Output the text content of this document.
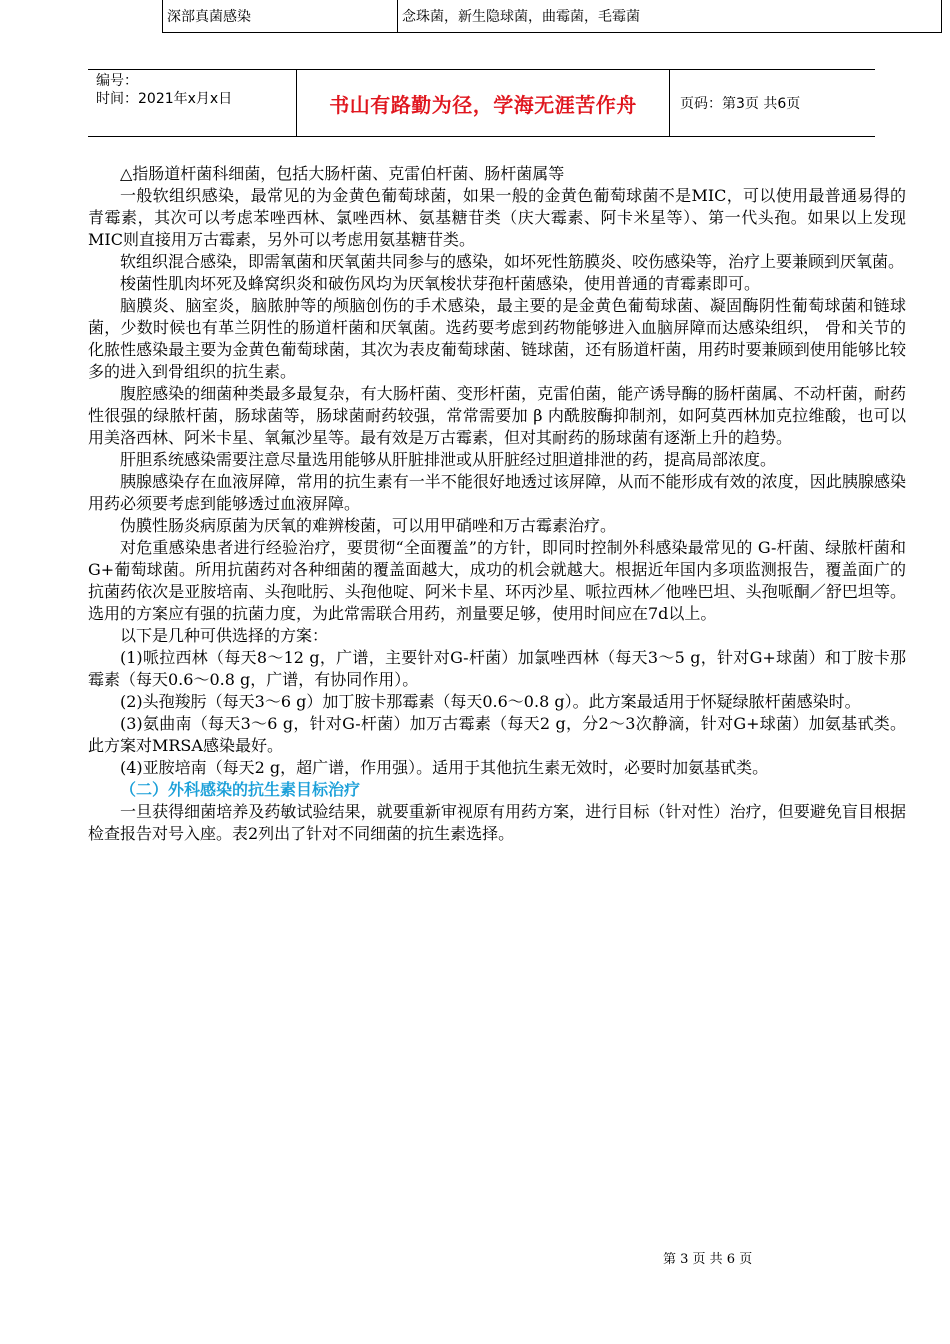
深部真菌感染	念珠菌，新生隐球菌，曲霉菌，毛霉菌
编号：
时间：2021年x月x日	书山有路勤为径，学海无涯苦作舟	页码：第3页 共6页

△指肠道杆菌科细菌，包括大肠杆菌、克雷伯杆菌、肠杆菌属等

一般软组织感染，最常见的为金黄色葡萄球菌，如果一般的金黄色葡萄球菌不是MIC，可以使用最普通易得的青霉素，其次可以考虑苯唑西林、氯唑西林、氨基糖苷类（庆大霉素、阿卡米星等）、第一代头孢。如果以上发现MIC则直接用万古霉素，另外可以考虑用氨基糖苷类。

软组织混合感染，即需氧菌和厌氧菌共同参与的感染，如坏死性筋膜炎、咬伤感染等，治疗上要兼顾到厌氧菌。

梭菌性肌肉坏死及蜂窝织炎和破伤风均为厌氧梭状芽孢杆菌感染，使用普通的青霉素即可。

脑膜炎、脑室炎，脑脓肿等的颅脑创伤的手术感染，最主要的是金黄色葡萄球菌、凝固酶阴性葡萄球菌和链球菌，少数时候也有革兰阴性的肠道杆菌和厌氧菌。选药要考虑到药物能够进入血脑屏障而达感染组织， 骨和关节的化脓性感染最主要为金黄色葡萄球菌，其次为表皮葡萄球菌、链球菌，还有肠道杆菌，用药时要兼顾到使用能够比较多的进入到骨组织的抗生素。

腹腔感染的细菌种类最多最复杂，有大肠杆菌、变形杆菌，克雷伯菌，能产诱导酶的肠杆菌属、不动杆菌，耐药性很强的绿脓杆菌，肠球菌等，肠球菌耐药较强，常常需要加 β 内酰胺酶抑制剂，如阿莫西林加克拉维酸，也可以用美洛西林、阿米卡星、氧氟沙星等。最有效是万古霉素，但对其耐药的肠球菌有逐渐上升的趋势。

肝胆系统感染需要注意尽量选用能够从肝脏排泄或从肝脏经过胆道排泄的药，提高局部浓度。

胰腺感染存在血液屏障，常用的抗生素有一半不能很好地透过该屏障，从而不能形成有效的浓度，因此胰腺感染用药必须要考虑到能够透过血液屏障。

伪膜性肠炎病原菌为厌氧的难辨梭菌，可以用甲硝唑和万古霉素治疗。

对危重感染患者进行经验治疗，要贯彻“全面覆盖”的方针，即同时控制外科感染最常见的 G-杆菌、绿脓杆菌和 G+葡萄球菌。所用抗菌药对各种细菌的覆盖面越大，成功的机会就越大。根据近年国内多项监测报告，覆盖面广的抗菌药依次是亚胺培南、头孢吡肟、头孢他啶、阿米卡星、环丙沙星、哌拉西林／他唑巴坦、头孢哌酮／舒巴坦等。选用的方案应有强的抗菌力度，为此常需联合用药，剂量要足够，使用时间应在7d以上。

以下是几种可供选择的方案：

(1)哌拉西林（每天8～12 g，广谱，主要针对G-杆菌）加氯唑西林（每天3～5 g，针对G+球菌）和丁胺卡那霉素（每天0.6～0.8 g，广谱，有协同作用）。

(2)头孢羧肟（每天3～6 g）加丁胺卡那霉素（每天0.6～0.8 g）。此方案最适用于怀疑绿脓杆菌感染时。

(3)氨曲南（每天3～6 g，针对G-杆菌）加万古霉素（每天2 g，分2～3次静滴，针对G+球菌）加氨基甙类。此方案对MRSA感染最好。

(4)亚胺培南（每天2 g，超广谱，作用强）。适用于其他抗生素无效时，必要时加氨基甙类。

（二）外科感染的抗生素目标治疗

一旦获得细菌培养及药敏试验结果，就要重新审视原有用药方案，进行目标（针对性）治疗，但要避免盲目根据检查报告对号入座。表2列出了针对不同细菌的抗生素选择。

第 3 页 共 6 页
